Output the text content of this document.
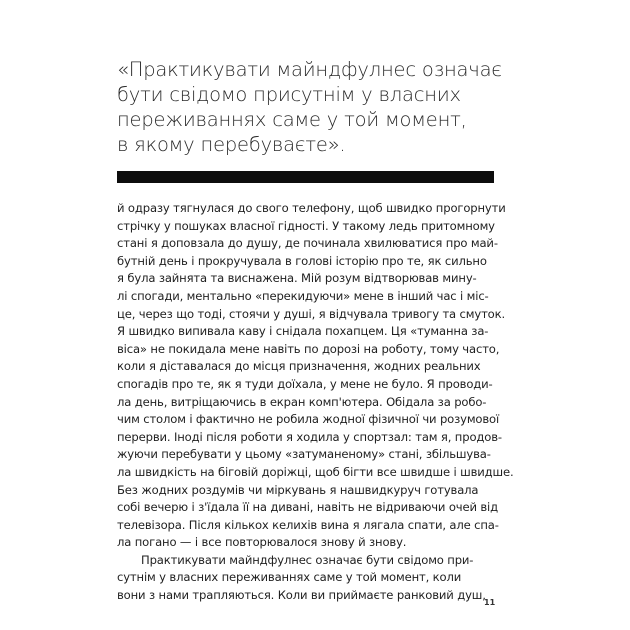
«Практикувати майндфулнес означає
бути свідомо присутнім у власних
переживаннях саме у той момент,
в якому перебуваєте».
й одразу тягнулася до свого телефону, щоб швидко прогорнути
стрічку у пошуках власної гідності. У такому ледь притомному
стані я доповзала до душу, де починала хвилюватися про май-
бутній день і прокручувала в голові історію про те, як сильно
я була зайнята та виснажена. Мій розум відтворював мину-
лі спогади, ментально «перекидуючи» мене в інший час і міс-
це, через що тоді, стоячи у душі, я відчувала тривогу та смуток.
Я швидко випивала каву і снідала похапцем. Ця «туманна за-
віса» не покидала мене навіть по дорозі на роботу, тому часто,
коли я діставалася до місця призначення, жодних реальних
спогадів про те, як я туди доїхала, у мене не було. Я проводи-
ла день, витріщаючись в екран комп'ютера. Обідала за робо-
чим столом і фактично не робила жодної фізичної чи розумової
перерви. Іноді після роботи я ходила у спортзал: там я, продов-
жуючи перебувати у цьому «затуманеному» стані, збільшува-
ла швидкість на біговій доріжці, щоб бігти все швидше і швидше.
Без жодних роздумів чи міркувань я нашвидкуруч готувала
собі вечерю і з'їдала її на дивані, навіть не відриваючи очей від
телевізора. Після кількох келихів вина я лягала спати, але спа-
ла погано — і все повторювалося знову й знову.
Практикувати майндфулнес означає бути свідомо при-
сутнім у власних переживаннях саме у той момент, коли
вони з нами трапляються. Коли ви приймаєте ранковий душ,
11
